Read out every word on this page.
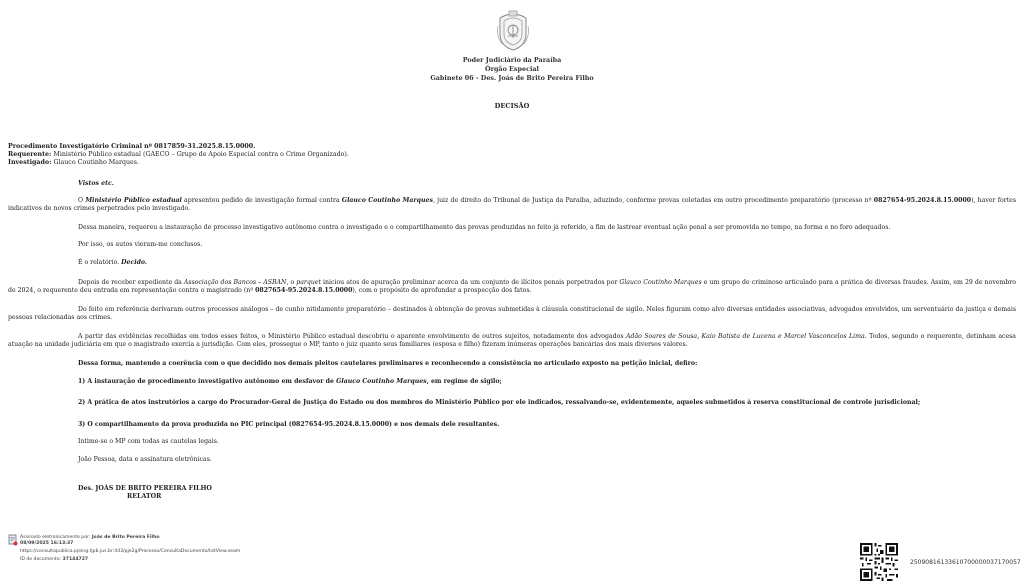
Poder Judiciário da Paraíba
Órgão Especial
Gabinete 06 - Des. Joás de Brito Pereira Filho
DECISÃO
Procedimento Investigatório Criminal nº 0817859-31.2025.8.15.0000.
Requerente: Ministério Público estadual (GAECO – Grupo de Apoio Especial contra o Crime Organizado).
Investigado: Glauco Coutinho Marques.
Vistos etc.
O Ministério Público estadual apresentou pedido de investigação formal contra Glauco Coutinho Marques, juiz de direito do Tribunal de Justiça da Paraíba, aduzindo, conforme provas coletadas em outro procedimento preparatório (processo nº 0827654-95.2024.8.15.0000), haver fortes indicativos de novos crimes perpetrados pelo investigado.
Dessa maneira, requereu a instauração de processo investigativo autônomo contra o investigado e o compartilhamento das provas produzidas no feito já referido, a fim de lastrear eventual ação penal a ser promovida no tempo, na forma e no foro adequados.
Por isso, os autos vieram-me conclusos.
É o relatório. Decido.
Depois de receber expediente da Associação dos Bancos – ASBAN, o parquet iniciou atos de apuração preliminar acerca da um conjunto de ilícitos penais perpetrados por Glauco Coutinho Marques e um grupo de criminoso articulado para a prática de diversas fraudes. Assim, em 29 de novembro de 2024, o requerente deu entrada em representação contra o magistrado (nº 0827654-95.2024.8.15.0000), com o propósito de aprofundar a prospecção dos fatos.
Do feito em referência derivaram outros processos análogos – de cunho nitidamente preparatório – destinados à obtenção de provas submetidas à cláusula constitucional de sigilo. Neles figuram como alvo diversas entidades associativas, advogados envolvidos, um serventuário da justiça e demais pessoas relacionadas aos crimes.
A partir das evidências recolhidas em todos esses feitos, o Ministério Público estadual descobriu o aparente envolvimento de outros sujeitos, notadamente dos advogados Adão Soares de Sousa, Kaio Batista de Lucena e Marcel Vasconcelos Lima. Todos, segundo o requerente, detinham acesa atuação na unidade judiciária em que o magistrado exercia a jurisdição. Com eles, prossegue o MP, tanto o juiz quanto seus familiares (esposa e filho) fizeram inúmeras operações bancárias dos mais diversos valores.
Dessa forma, mantendo a coerência com o que decidido nos demais pleitos cautelares preliminares e reconhecendo a consistência no articulado exposto na petição inicial, defiro:
1) A instauração de procedimento investigativo autônomo em desfavor de Glauco Coutinho Marques, em regime de sigilo;
2) A prática de atos instrutórios a cargo do Procurador-Geral de Justiça do Estado ou dos membros do Ministério Público por ele indicados, ressalvando-se, evidentemente, aqueles submetidos à reserva constitucional de controle jurisdicional;
3) O compartilhamento da prova produzida no PIC principal (0827654-95.2024.8.15.0000) e nos demais dele resultantes.
Intime-se o MP com todas as cautelas legais.
João Pessoa, data e assinatura eletrônicas.
Des. JOÁS DE BRITO PEREIRA FILHO
RELATOR
Assinado eletronicamente por: Joás de Brito Pereira Filho
08/09/2025 16:13:37
https://consultapublica.pjeing.tjpb.jus.br:443/pje2g/Processo/ConsultaDocumento/listView.seam
ID do documento: 37144727	25090816133610700000037170057
